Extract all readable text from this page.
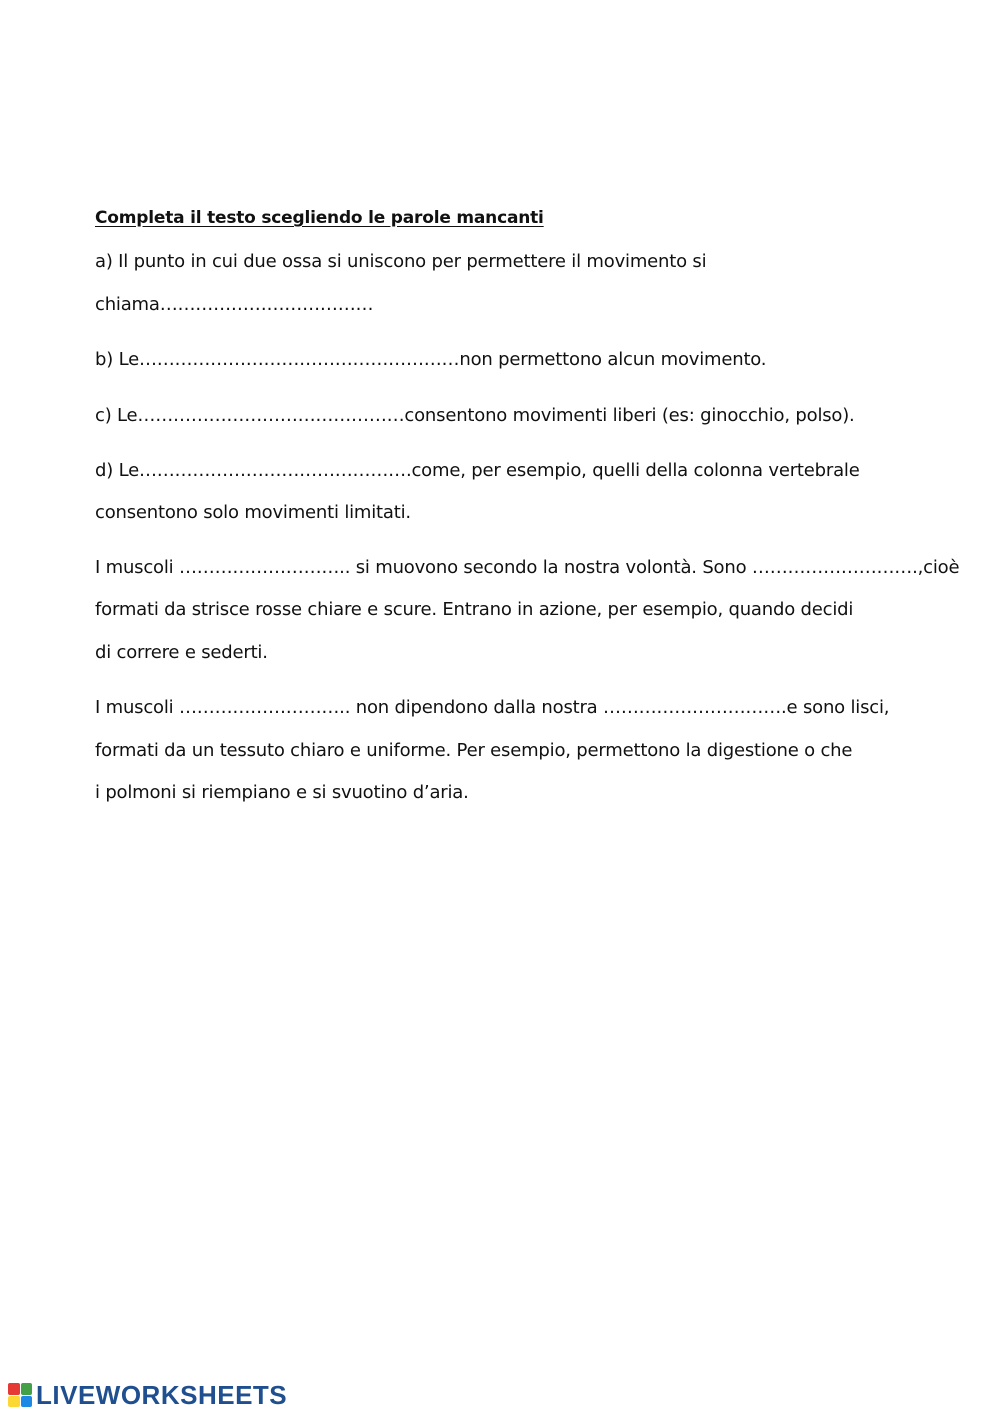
Completa il testo scegliendo le parole mancanti
a) Il punto in cui due ossa si uniscono per permettere il movimento si
chiama………………………………
b) Le………………………………………………non permettono alcun movimento.
c) Le………………………………………consentono movimenti liberi (es: ginocchio, polso).
d) Le……………………………………….come, per esempio, quelli della colonna vertebrale
consentono solo movimenti limitati.
I muscoli ……………………….. si muovono secondo la nostra volontà. Sono ……………………….,cioè
formati da strisce rosse chiare e scure. Entrano in azione, per esempio, quando decidi
di correre e sederti.
I muscoli ……………………….. non dipendono dalla nostra ………………………….e sono lisci,
formati da un tessuto chiaro e uniforme. Per esempio, permettono la digestione o che
i polmoni si riempiano e si svuotino d’aria.
LIVEWORKSHEETS
